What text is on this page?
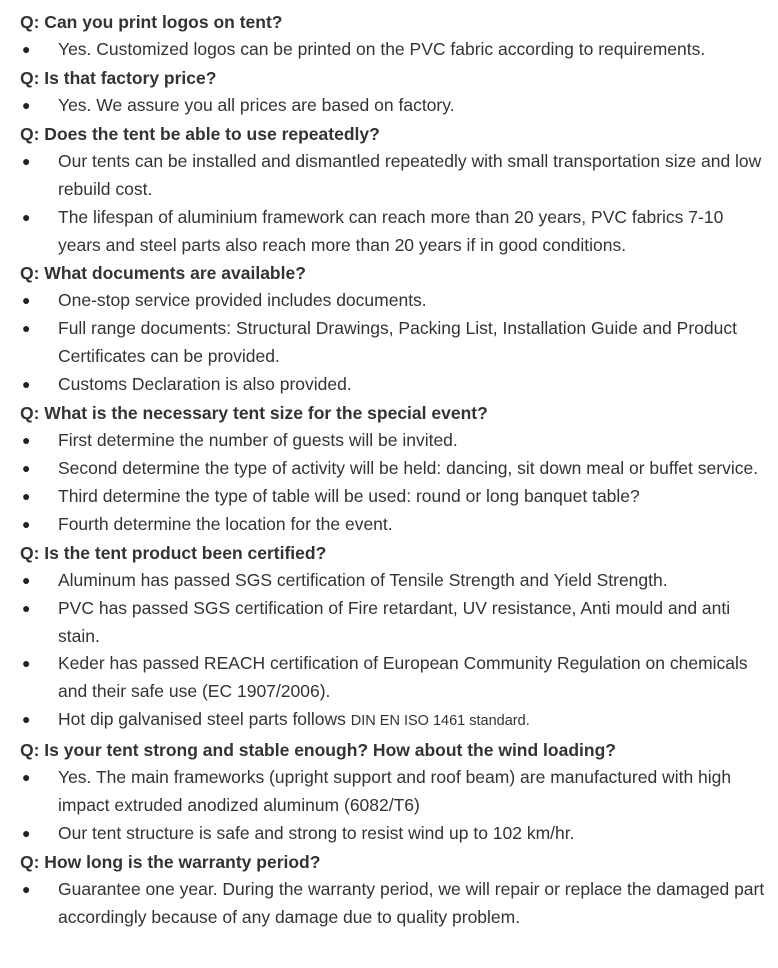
Q: Can you print logos on tent?
● Yes. Customized logos can be printed on the PVC fabric according to requirements.
Q: Is that factory price?
● Yes. We assure you all prices are based on factory.
Q: Does the tent be able to use repeatedly?
● Our tents can be installed and dismantled repeatedly with small transportation size and low rebuild cost.
● The lifespan of aluminium framework can reach more than 20 years, PVC fabrics 7-10 years and steel parts also reach more than 20 years if in good conditions.
Q: What documents are available?
● One-stop service provided includes documents.
● Full range documents: Structural Drawings, Packing List, Installation Guide and Product Certificates can be provided.
● Customs Declaration is also provided.
Q: What is the necessary tent size for the special event?
● First determine the number of guests will be invited.
● Second determine the type of activity will be held: dancing, sit down meal or buffet service.
● Third determine the type of table will be used: round or long banquet table?
● Fourth determine the location for the event.
Q: Is the tent product been certified?
● Aluminum has passed SGS certification of Tensile Strength and Yield Strength.
● PVC has passed SGS certification of Fire retardant, UV resistance, Anti mould and anti stain.
● Keder has passed REACH certification of European Community Regulation on chemicals and their safe use (EC 1907/2006).
● Hot dip galvanised steel parts follows DIN EN ISO 1461 standard.
Q: Is your tent strong and stable enough? How about the wind loading?
● Yes. The main frameworks (upright support and roof beam) are manufactured with high impact extruded anodized aluminum (6082/T6)
● Our tent structure is safe and strong to resist wind up to 102 km/hr.
Q: How long is the warranty period?
● Guarantee one year. During the warranty period, we will repair or replace the damaged part accordingly because of any damage due to quality problem.
